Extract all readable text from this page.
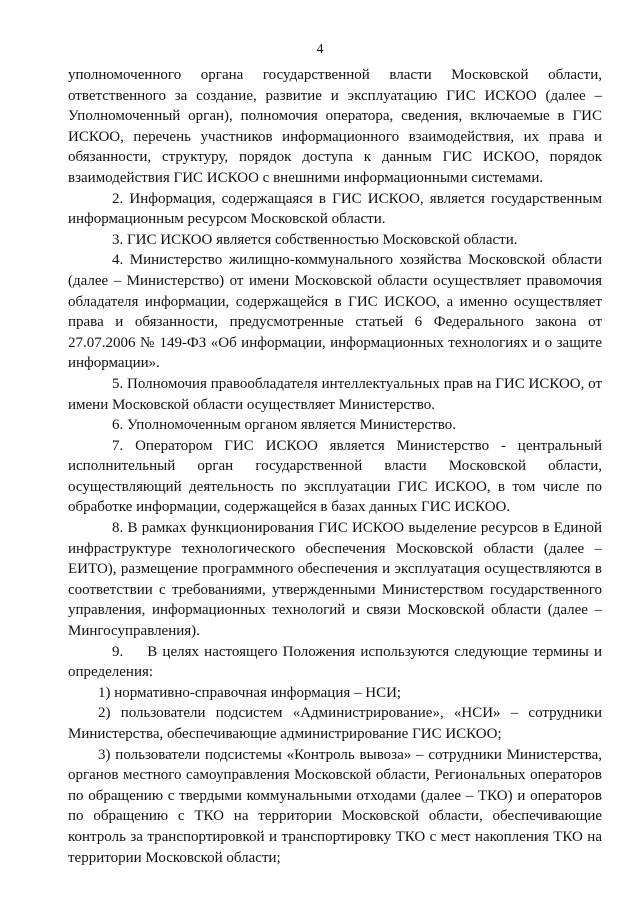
4

уполномоченного органа государственной власти Московской области, ответственного за создание, развитие и эксплуатацию ГИС ИСКОО (далее – Уполномоченный орган), полномочия оператора, сведения, включаемые в ГИС ИСКОО, перечень участников информационного взаимодействия, их права и обязанности, структуру, порядок доступа к данным ГИС ИСКОО, порядок взаимодействия ГИС ИСКОО с внешними информационными системами.

2. Информация, содержащаяся в ГИС ИСКОО, является государственным информационным ресурсом Московской области.

3. ГИС ИСКОО является собственностью Московской области.

4. Министерство жилищно-коммунального хозяйства Московской области (далее – Министерство) от имени Московской области осуществляет правомочия обладателя информации, содержащейся в ГИС ИСКОО, а именно осуществляет права и обязанности, предусмотренные статьей 6 Федерального закона от 27.07.2006 № 149-ФЗ «Об информации, информационных технологиях и о защите информации».

5. Полномочия правообладателя интеллектуальных прав на ГИС ИСКОО, от имени Московской области осуществляет Министерство.

6. Уполномоченным органом является Министерство.

7. Оператором ГИС ИСКОО является Министерство - центральный исполнительный орган государственной власти Московской области, осуществляющий деятельность по эксплуатации ГИС ИСКОО, в том числе по обработке информации, содержащейся в базах данных ГИС ИСКОО.

8. В рамках функционирования ГИС ИСКОО выделение ресурсов в Единой инфраструктуре технологического обеспечения Московской области (далее – ЕИТО), размещение программного обеспечения и эксплуатация осуществляются в соответствии с требованиями, утвержденными Министерством государственного управления, информационных технологий и связи Московской области (далее – Мингосуправления).

9. В целях настоящего Положения используются следующие термины и определения:

1) нормативно-справочная информация – НСИ;

2) пользователи подсистем «Администрирование», «НСИ» – сотрудники Министерства, обеспечивающие администрирование ГИС ИСКОО;

3) пользователи подсистемы «Контроль вывоза» – сотрудники Министерства, органов местного самоуправления Московской области, Региональных операторов по обращению с твердыми коммунальными отходами (далее – ТКО) и операторов по обращению с ТКО на территории Московской области, обеспечивающие контроль за транспортировкой и транспортировку ТКО с мест накопления ТКО на территории Московской области;
